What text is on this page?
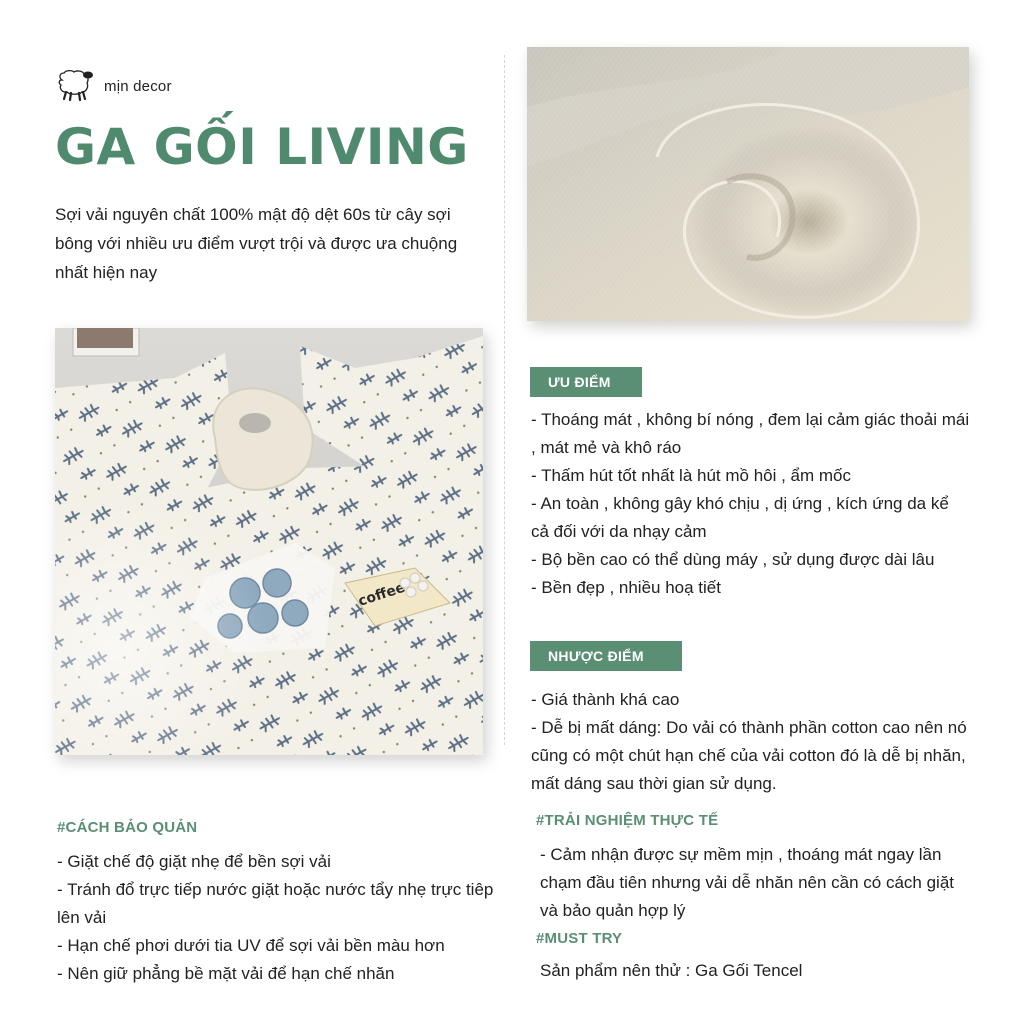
mịn decor
GA GỐI LIVING

Sợi vải nguyên chất 100% mật độ dệt 60s từ cây sợi bông với nhiều ưu điểm vượt trội và được ưa chuộng nhất hiện nay

ƯU ĐIỂM

- Thoáng mát , không bí nóng , đem lại cảm giác thoải mái , mát mẻ và khô ráo

- Thấm hút tốt nhất là hút mồ hôi , ẩm mốc

- An toàn , không gây khó chịu , dị ứng , kích ứng da kể cả đối với da nhạy cảm

- Bộ bền cao có thể dùng máy , sử dụng được dài lâu

- Bền đẹp , nhiều hoạ tiết

NHƯỢC ĐIỂM

- Giá thành khá cao

- Dễ bị mất dáng: Do vải có thành phần cotton cao nên nó cũng có một chút hạn chế của vải cotton đó là dễ bị nhăn, mất dáng sau thời gian sử dụng.

#CÁCH BẢO QUẢN

- Giặt chế độ giặt nhẹ để bền sợi vải

- Tránh đổ trực tiếp nước giặt hoặc nước tẩy nhẹ trực tiêp lên vải

- Hạn chế phơi dưới tia UV để sợi vải bền màu hơn

- Nên giữ phẳng bề mặt vải để hạn chế nhăn

#TRẢI NGHIỆM THỰC TẾ

- Cảm nhận được sự mềm mịn , thoáng mát ngay lần chạm đầu tiên nhưng vải dễ nhăn nên cần có cách giặt và bảo quản hợp lý

#MUST TRY
Sản phẩm nên thử : Ga Gối Tencel
